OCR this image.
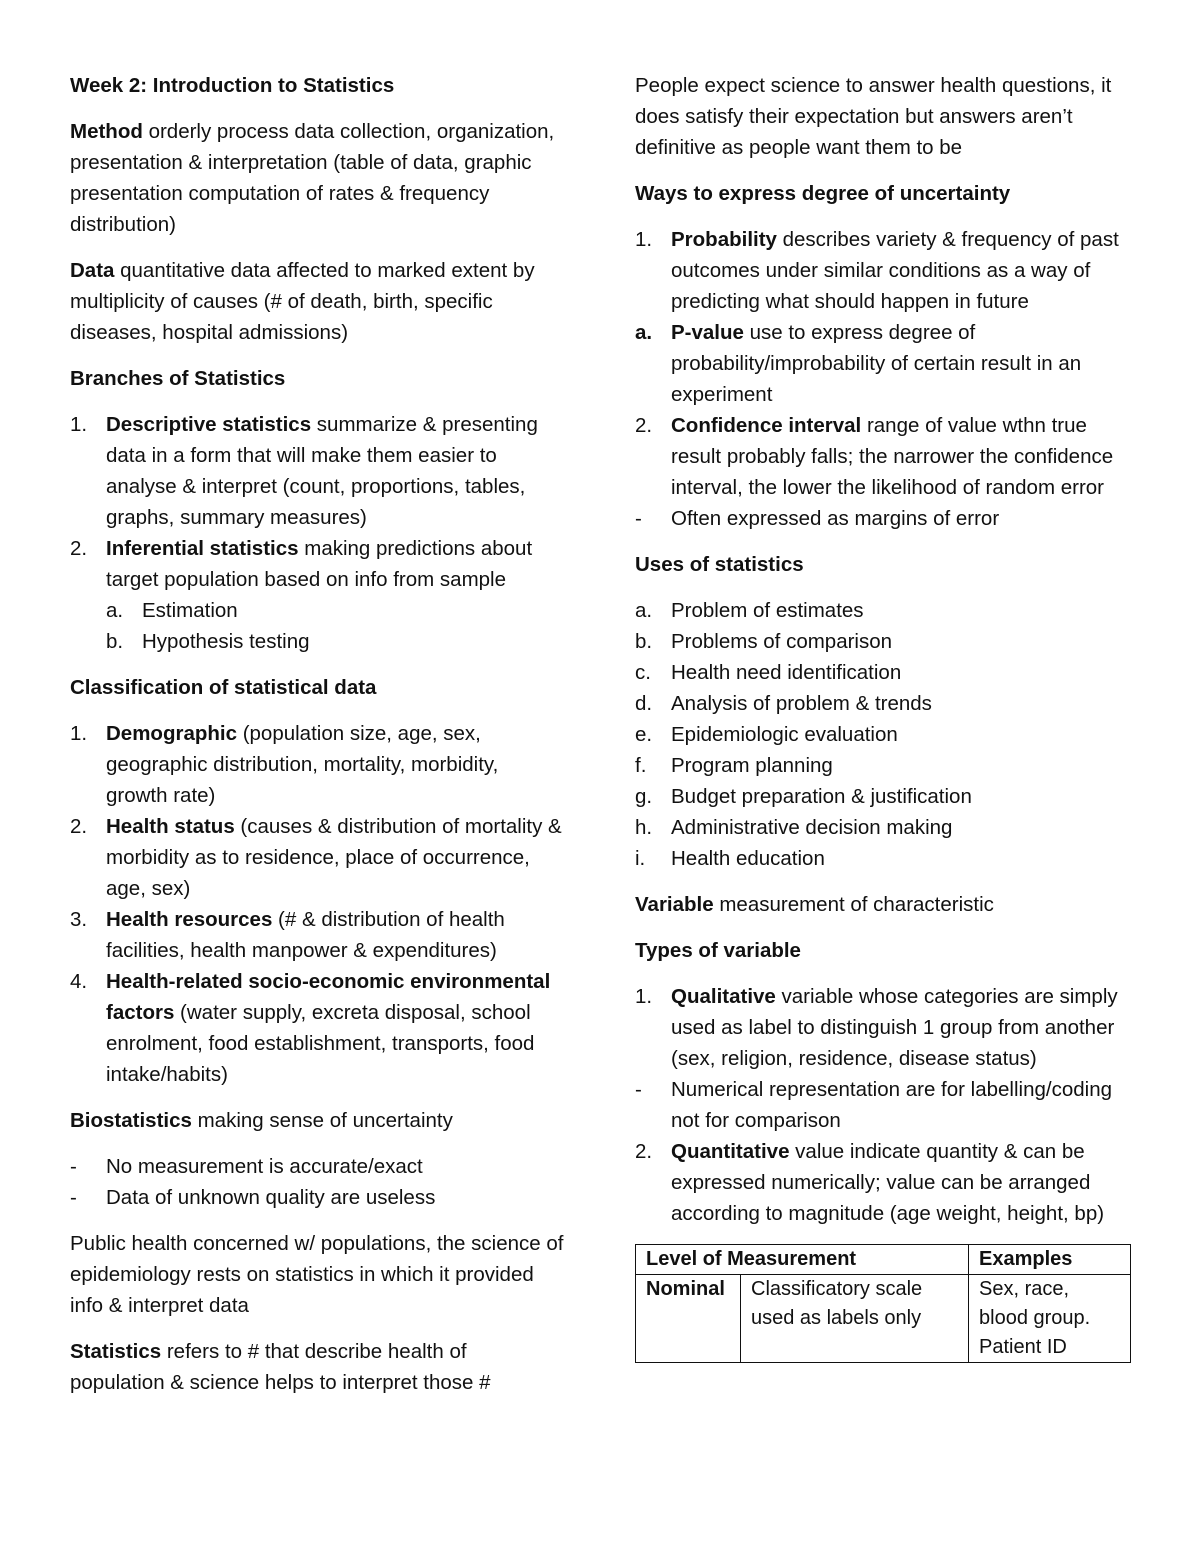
Week 2: Introduction to Statistics

Method orderly process data collection, organization, presentation & interpretation (table of data, graphic presentation computation of rates & frequency distribution)

Data quantitative data affected to marked extent by multiplicity of causes (# of death, birth, specific diseases, hospital admissions)

Branches of Statistics

1. Descriptive statistics summarize & presenting data in a form that will make them easier to analyse & interpret (count, proportions, tables, graphs, summary measures)
2. Inferential statistics making predictions about target population based on info from sample
a. Estimation
b. Hypothesis testing

Classification of statistical data

1. Demographic (population size, age, sex, geographic distribution, mortality, morbidity, growth rate)
2. Health status (causes & distribution of mortality & morbidity as to residence, place of occurrence, age, sex)
3. Health resources (# & distribution of health facilities, health manpower & expenditures)
4. Health-related socio-economic environmental factors (water supply, excreta disposal, school enrolment, food establishment, transports, food intake/habits)

Biostatistics making sense of uncertainty

-	No measurement is accurate/exact
-	Data of unknown quality are useless

Public health concerned w/ populations, the science of epidemiology rests on statistics in which it provided info & interpret data

Statistics refers to # that describe health of population & science helps to interpret those #

People expect science to answer health questions, it does satisfy their expectation but answers aren’t definitive as people want them to be

Ways to express degree of uncertainty

1. Probability describes variety & frequency of past outcomes under similar conditions as a way of predicting what should happen in future
a. P-value use to express degree of probability/improbability of certain result in an experiment
2. Confidence interval range of value wthn true result probably falls; the narrower the confidence interval, the lower the likelihood of random error
-	Often expressed as margins of error

Uses of statistics

a. Problem of estimates
b. Problems of comparison
c. Health need identification
d. Analysis of problem & trends
e. Epidemiologic evaluation
f.	Program planning
g. Budget preparation & justification
h. Administrative decision making
i.	Health education

Variable measurement of characteristic

Types of variable

1. Qualitative variable whose categories are simply used as label to distinguish 1 group from another (sex, religion, residence, disease status)
-	Numerical representation are for labelling/coding not for comparison
2. Quantitative value indicate quantity & can be expressed numerically; value can be arranged according to magnitude (age weight, height, bp)
Level of Measurement		Examples
Nominal	Classificatory scale used as labels only	Sex, race, blood group. Patient ID
